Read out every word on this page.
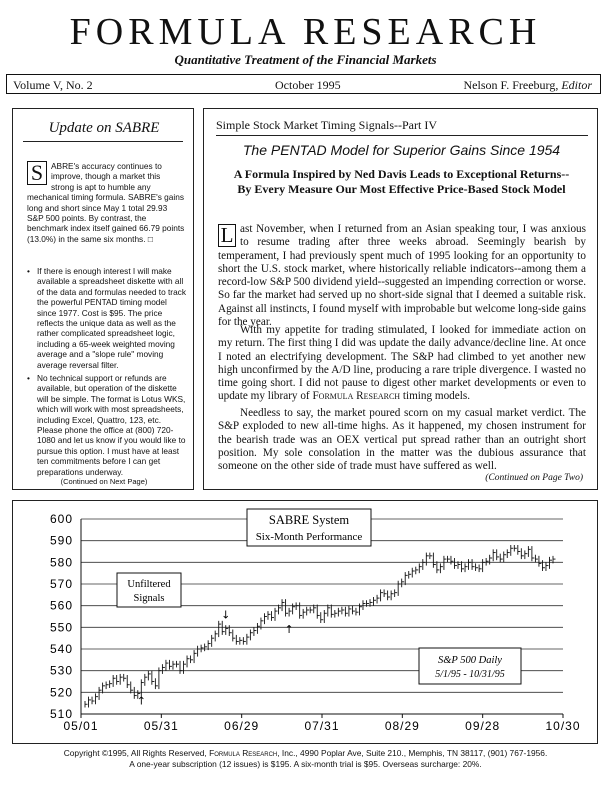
FORMULA RESEARCH
Quantitative Treatment of the Financial Markets
Volume V, No. 2	October 1995	Nelson F. Freeburg, Editor
Update on SABRE
S ABRE's accuracy continues to improve, though a market this strong is apt to humble any mechanical timing formula. SABRE's gains long and short since May 1 total 29.93 S&P 500 points. By contrast, the benchmark index itself gained 66.79 points (13.0%) in the same six months. □
• If there is enough interest I will make available a spreadsheet diskette with all of the data and formulas needed to track the powerful PENTAD timing model since 1977. Cost is $95. The price reflects the unique data as well as the rather complicated spreadsheet logic, including a 65-week weighted moving average and a "slope rule" moving average reversal filter.
• No technical support or refunds are available, but operation of the diskette will be simple. The format is Lotus WKS, which will work with most spreadsheets, including Excel, Quattro, 123, etc. Please phone the office at (800) 720-1080 and let us know if you would like to pursue this option. I must have at least ten commitments before I can get preparations underway.
(Continued on Next Page)
Simple Stock Market Timing Signals--Part IV
The PENTAD Model for Superior Gains Since 1954
A Formula Inspired by Ned Davis Leads to Exceptional Returns--
By Every Measure Our Most Effective Price-Based Stock Model
L ast November, when I returned from an Asian speaking tour, I was anxious to resume trading after three weeks abroad. Seemingly bearish by temperament, I had previously spent much of 1995 looking for an opportunity to short the U.S. stock market, where historically reliable indicators--among them a record-low S&P 500 dividend yield--suggested an impending correction or worse. So far the market had served up no short-side signal that I deemed a suitable risk. Against all instincts, I found myself with improbable but welcome long-side gains for the year.
With my appetite for trading stimulated, I looked for immediate action on my return. The first thing I did was update the daily advance/decline line. At once I noted an electrifying development. The S&P had climbed to yet another new high unconfirmed by the A/D line, producing a rare triple divergence. I wasted no time going short. I did not pause to digest other market developments or even to update my library of Formula Research timing models.
Needless to say, the market poured scorn on my casual market verdict. The S&P exploded to new all-time highs. As it happened, my chosen instrument for the bearish trade was an OEX vertical put spread rather than an outright short position. My sole consolation in the matter was the dubious assurance that someone on the other side of trade must have suffered as well.
(Continued on Page Two)
510
520
530
540
550
560
570
580
590
600
05/01	05/31	06/29	07/31	08/29	09/28	10/30
↑
↓
↑
SABRE System
Six-Month Performance
Unfiltered
Signals
S&P 500 Daily
5/1/95 - 10/31/95
Copyright ©1995, All Rights Reserved, Formula Research, Inc., 4990 Poplar Ave, Suite 210., Memphis, TN 38117, (901) 767-1956.
A one-year subscription (12 issues) is $195. A six-month trial is $95. Overseas surcharge: 20%.
